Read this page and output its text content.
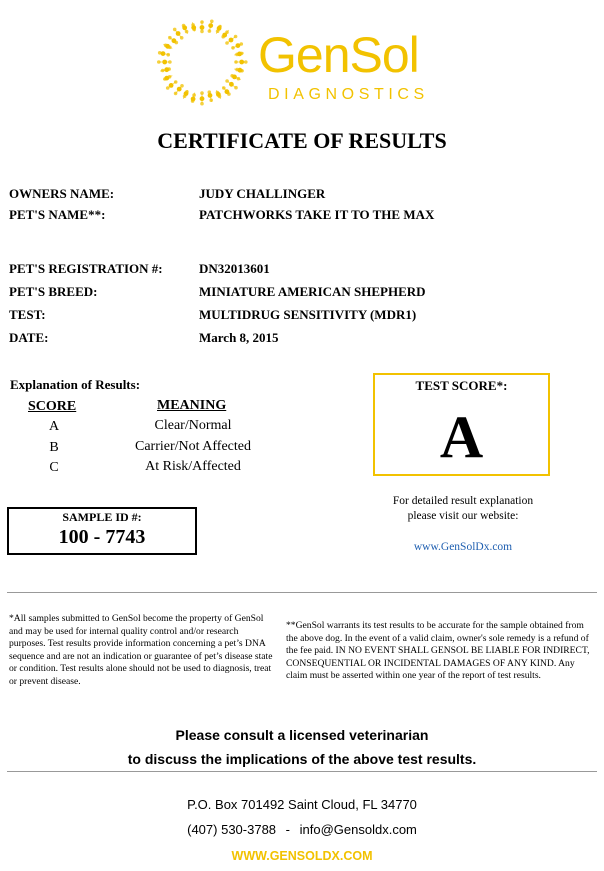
GenSol
DIAGNOSTICS
CERTIFICATE OF RESULTS
OWNERS NAME:	JUDY CHALLINGER
PET'S NAME**:	PATCHWORKS TAKE IT TO THE MAX
PET'S REGISTRATION #:	DN32013601
PET'S BREED:	MINIATURE AMERICAN SHEPHERD
TEST:	MULTIDRUG SENSITIVITY (MDR1)
DATE:	March 8, 2015
Explanation of Results:
SCORE	MEANING
A	Clear/Normal
B	Carrier/Not Affected
C	At Risk/Affected
TEST SCORE*:
A
For detailed result explanation
please visit our website:
www.GenSolDx.com
SAMPLE ID #:
100 - 7743
*All samples submitted to GenSol become the property of GenSol and may be used for internal quality control and/or research purposes. Test results provide information concerning a pet’s DNA sequence and are not an indication or guarantee of pet’s disease state or condition. Test results alone should not be used to diagnosis, treat or prevent disease.
**GenSol warrants its test results to be accurate for the sample obtained from the above dog. In the event of a valid claim, owner's sole remedy is a refund of the fee paid. IN NO EVENT SHALL GENSOL BE LIABLE FOR INDIRECT, CONSEQUENTIAL OR INCIDENTAL DAMAGES OF ANY KIND. Any claim must be asserted within one year of the report of test results.
Please consult a licensed veterinarian
to discuss the implications of the above test results.
P.O. Box 701492 Saint Cloud, FL 34770
(407) 530-3788 - info@Gensoldx.com
WWW.GENSOLDX.COM
